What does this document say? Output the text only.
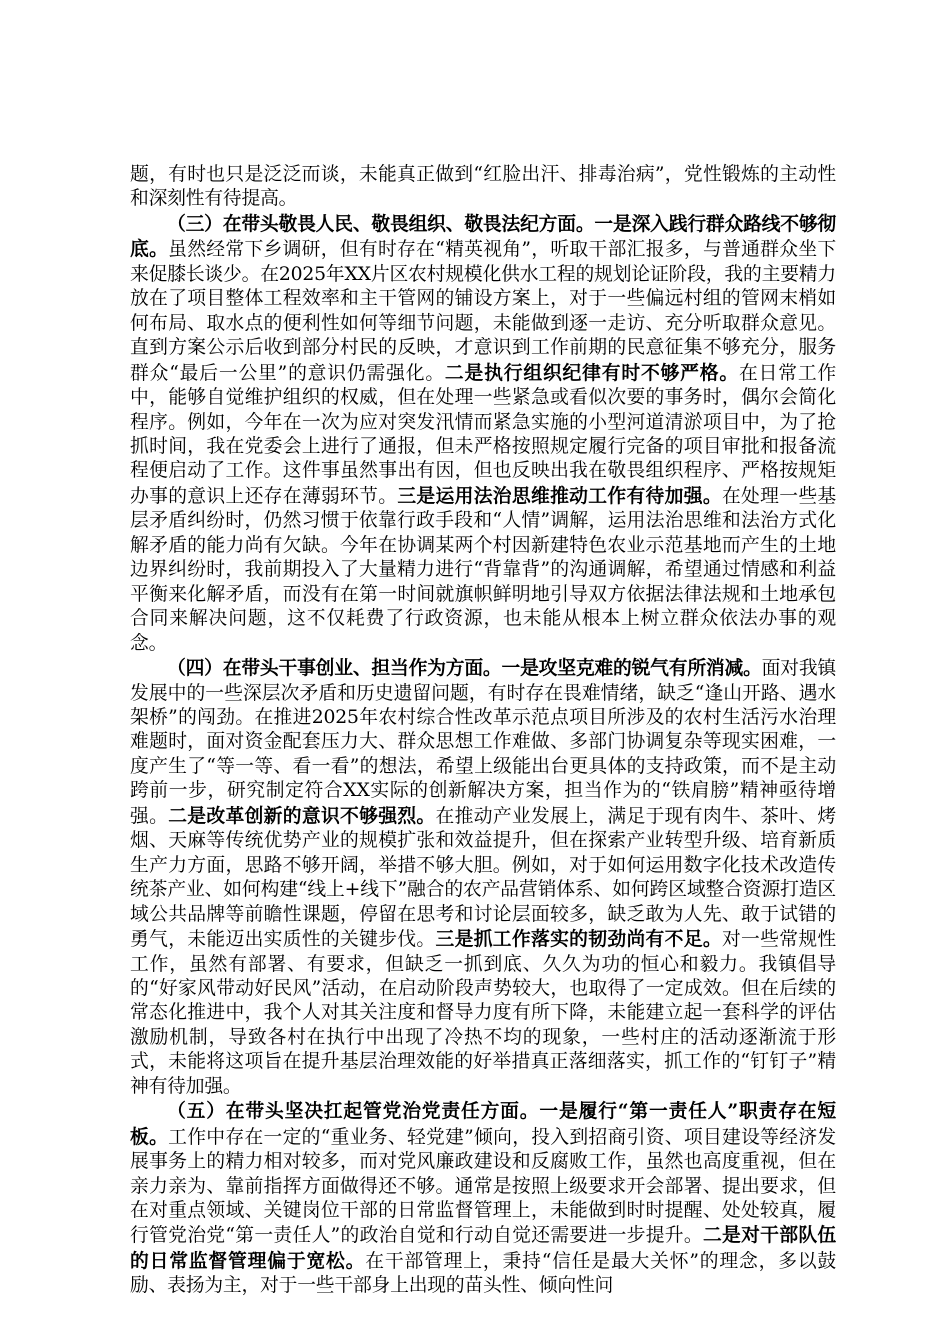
题，有时也只是泛泛而谈，未能真正做到“红脸出汗、排毒治病”，党性锻炼的主动性和深刻性有待提高。

（三）在带头敬畏人民、敬畏组织、敬畏法纪方面。一是深入践行群众路线不够彻底。虽然经常下乡调研，但有时存在“精英视角”，听取干部汇报多，与普通群众坐下来促膝长谈少。在2025年XX片区农村规模化供水工程的规划论证阶段，我的主要精力放在了项目整体工程效率和主干管网的铺设方案上，对于一些偏远村组的管网末梢如何布局、取水点的便利性如何等细节问题，未能做到逐一走访、充分听取群众意见。直到方案公示后收到部分村民的反映，才意识到工作前期的民意征集不够充分，服务群众“最后一公里”的意识仍需强化。二是执行组织纪律有时不够严格。在日常工作中，能够自觉维护组织的权威，但在处理一些紧急或看似次要的事务时，偶尔会简化程序。例如，今年在一次为应对突发汛情而紧急实施的小型河道清淤项目中，为了抢抓时间，我在党委会上进行了通报，但未严格按照规定履行完备的项目审批和报备流程便启动了工作。这件事虽然事出有因，但也反映出我在敬畏组织程序、严格按规矩办事的意识上还存在薄弱环节。三是运用法治思维推动工作有待加强。在处理一些基层矛盾纠纷时，仍然习惯于依靠行政手段和“人情”调解，运用法治思维和法治方式化解矛盾的能力尚有欠缺。今年在协调某两个村因新建特色农业示范基地而产生的土地边界纠纷时，我前期投入了大量精力进行“背靠背”的沟通调解，希望通过情感和利益平衡来化解矛盾，而没有在第一时间就旗帜鲜明地引导双方依据法律法规和土地承包合同来解决问题，这不仅耗费了行政资源，也未能从根本上树立群众依法办事的观念。

（四）在带头干事创业、担当作为方面。一是攻坚克难的锐气有所消减。面对我镇发展中的一些深层次矛盾和历史遗留问题，有时存在畏难情绪，缺乏“逢山开路、遇水架桥”的闯劲。在推进2025年农村综合性改革示范点项目所涉及的农村生活污水治理难题时，面对资金配套压力大、群众思想工作难做、多部门协调复杂等现实困难，一度产生了“等一等、看一看”的想法，希望上级能出台更具体的支持政策，而不是主动跨前一步，研究制定符合XX实际的创新解决方案，担当作为的“铁肩膀”精神亟待增强。二是改革创新的意识不够强烈。在推动产业发展上，满足于现有肉牛、茶叶、烤烟、天麻等传统优势产业的规模扩张和效益提升，但在探索产业转型升级、培育新质生产力方面，思路不够开阔，举措不够大胆。例如，对于如何运用数字化技术改造传统茶产业、如何构建“线上+线下”融合的农产品营销体系、如何跨区域整合资源打造区域公共品牌等前瞻性课题，停留在思考和讨论层面较多，缺乏敢为人先、敢于试错的勇气，未能迈出实质性的关键步伐。三是抓工作落实的韧劲尚有不足。对一些常规性工作，虽然有部署、有要求，但缺乏一抓到底、久久为功的恒心和毅力。我镇倡导的“好家风带动好民风”活动，在启动阶段声势较大，也取得了一定成效。但在后续的常态化推进中，我个人对其关注度和督导力度有所下降，未能建立起一套科学的评估激励机制，导致各村在执行中出现了冷热不均的现象，一些村庄的活动逐渐流于形式，未能将这项旨在提升基层治理效能的好举措真正落细落实，抓工作的“钉钉子”精神有待加强。

（五）在带头坚决扛起管党治党责任方面。一是履行“第一责任人”职责存在短板。工作中存在一定的“重业务、轻党建”倾向，投入到招商引资、项目建设等经济发展事务上的精力相对较多，而对党风廉政建设和反腐败工作，虽然也高度重视，但在亲力亲为、靠前指挥方面做得还不够。通常是按照上级要求开会部署、提出要求，但在对重点领域、关键岗位干部的日常监督管理上，未能做到时时提醒、处处较真，履行管党治党“第一责任人”的政治自觉和行动自觉还需要进一步提升。二是对干部队伍的日常监督管理偏于宽松。在干部管理上，秉持“信任是最大关怀”的理念，多以鼓励、表扬为主，对于一些干部身上出现的苗头性、倾向性问
